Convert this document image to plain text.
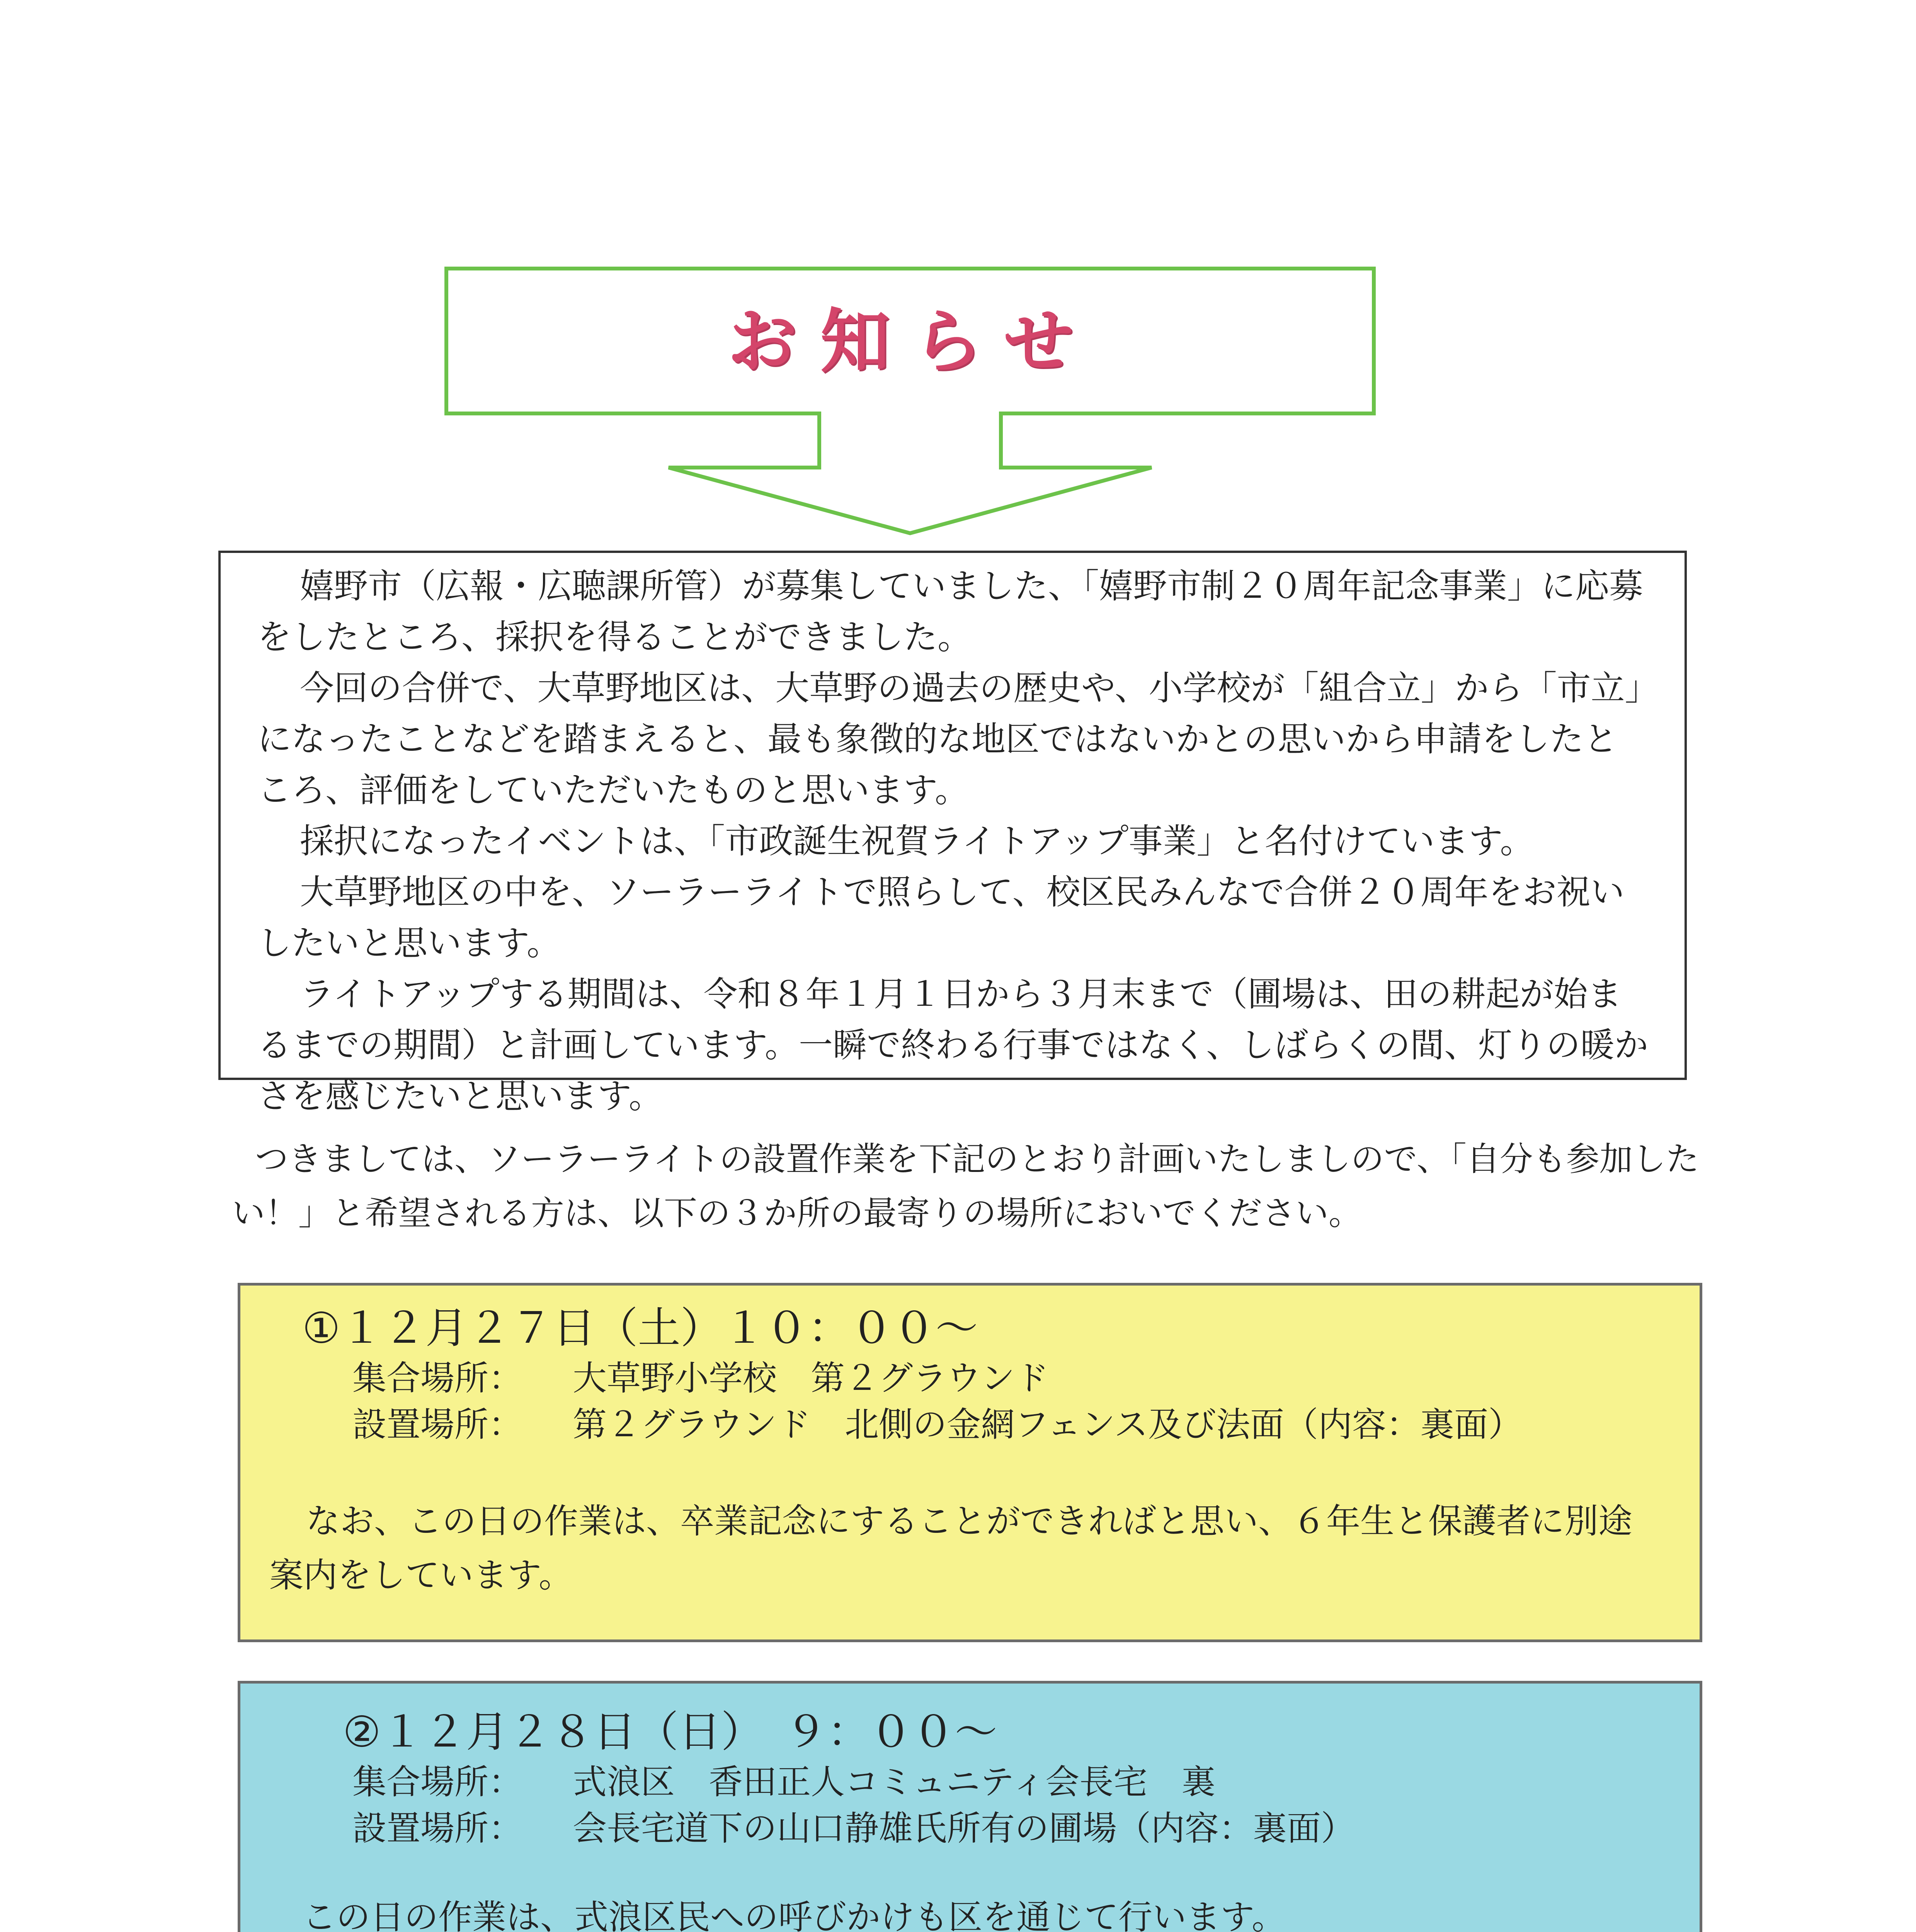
お知らせ

嬉野市（広報・広聴課所管）が募集していました、「嬉野市制２０周年記念事業」に応募をしたところ、採択を得ることができました。

今回の合併で、大草野地区は、大草野の過去の歴史や、小学校が「組合立」から「市立」になったことなどを踏まえると、最も象徴的な地区ではないかとの思いから申請をしたところ、評価をしていただいたものと思います。

採択になったイベントは、「市政誕生祝賀ライトアップ事業」と名付けています。

大草野地区の中を、ソーラーライトで照らして、校区民みんなで合併２０周年をお祝いしたいと思います。

ライトアップする期間は、令和８年１月１日から３月末まで（圃場は、田の耕起が始まるまでの期間）と計画しています。一瞬で終わる行事ではなく、しばらくの間、灯りの暖かさを感じたいと思います。

つきましては、ソーラーライトの設置作業を下記のとおり計画いたしましので、「自分も参加したい！」と希望される方は、以下の３か所の最寄りの場所においでください。

①１２月２７日（土）１０：００～
集合場所： 大草野小学校　第２グラウンド
設置場所： 第２グラウンド　北側の金網フェンス及び法面（内容：裏面）

なお、この日の作業は、卒業記念にすることができればと思い、６年生と保護者に別途案内をしています。

②１２月２８日（日）　９：００～
集合場所： 式浪区　香田正人コミュニティ会長宅　裏
設置場所： 会長宅道下の山口静雄氏所有の圃場（内容：裏面）

この日の作業は、式浪区民への呼びかけも区を通じて行います。
